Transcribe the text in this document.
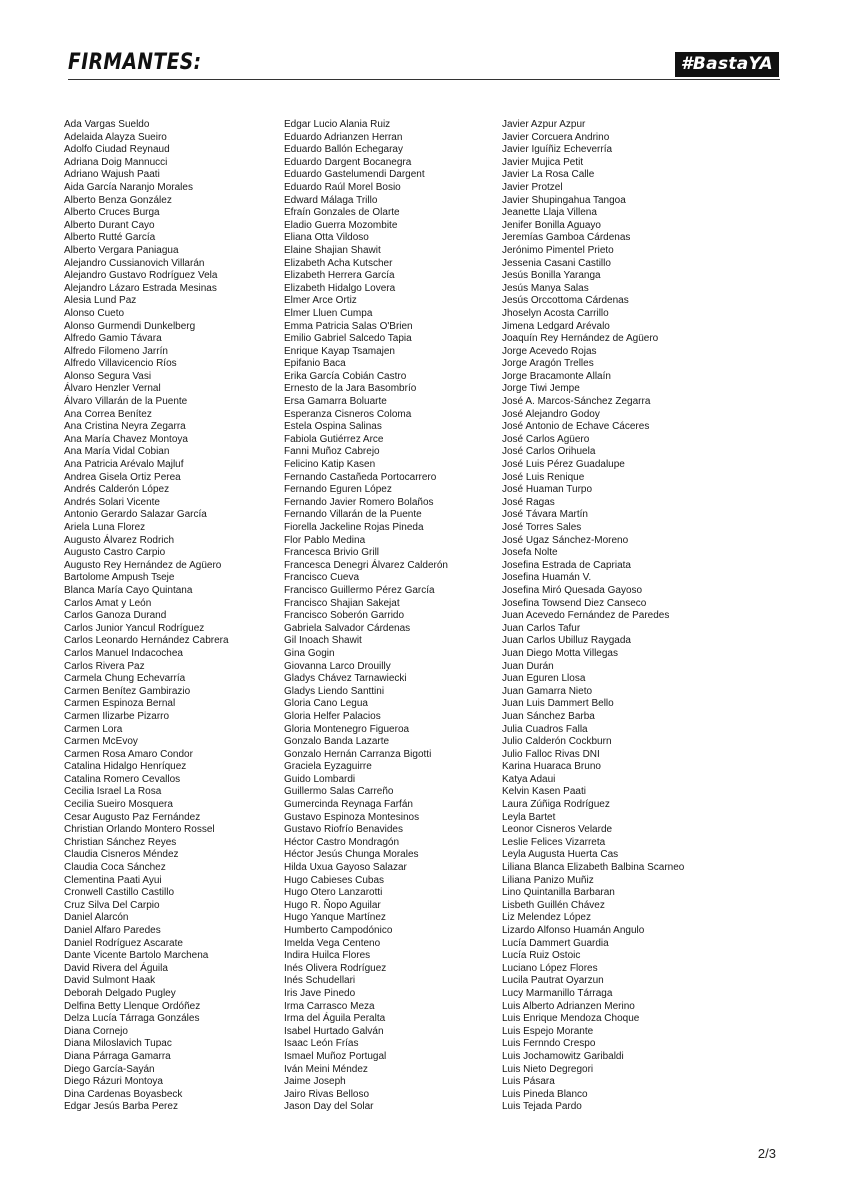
FIRMANTES:	#BastaYA
Ada Vargas Sueldo
Adelaida Alayza Sueiro
Adolfo Ciudad Reynaud
Adriana Doig Mannucci
Adriano Wajush Paati
Aida García Naranjo Morales
Alberto Benza González
Alberto Cruces Burga
Alberto Durant Cayo
Alberto Rutté García
Alberto Vergara Paniagua
Alejandro Cussianovich Villarán
Alejandro Gustavo Rodríguez Vela
Alejandro Lázaro Estrada Mesinas
Alesia Lund Paz
Alonso Cueto
Alonso Gurmendi Dunkelberg
Alfredo Gamio Távara
Alfredo Filomeno Jarrín
Alfredo Villavicencio Ríos
Alonso Segura Vasi
Álvaro Henzler Vernal
Álvaro Villarán de la Puente
Ana Correa Benítez
Ana Cristina Neyra Zegarra
Ana María Chavez Montoya
Ana María Vidal Cobian
Ana Patricia Arévalo Majluf
Andrea Gisela Ortiz Perea
Andrés Calderón López
Andrés Solari Vicente
Antonio Gerardo Salazar García
Ariela Luna Florez
Augusto Álvarez Rodrich
Augusto Castro Carpio
Augusto Rey Hernández de Agüero
Bartolome Ampush Tseje
Blanca María Cayo Quintana
Carlos Amat y León
Carlos Ganoza Durand
Carlos Junior Yancul Rodríguez
Carlos Leonardo Hernández Cabrera
Carlos Manuel Indacochea
Carlos Rivera Paz
Carmela Chung Echevarría
Carmen Benítez Gambirazio
Carmen Espinoza Bernal
Carmen Ilizarbe Pizarro
Carmen Lora
Carmen McEvoy
Carmen Rosa Amaro Condor
Catalina Hidalgo Henríquez
Catalina Romero Cevallos
Cecilia Israel La Rosa
Cecilia Sueiro Mosquera
Cesar Augusto Paz Fernández
Christian Orlando Montero Rossel
Christian Sánchez Reyes
Claudia Cisneros Méndez
Claudia Coca Sánchez
Clementina Paati Ayui
Cronwell Castillo Castillo
Cruz Silva Del Carpio
Daniel Alarcón
Daniel Alfaro Paredes
Daniel Rodríguez Ascarate
Dante Vicente Bartolo Marchena
David Rivera del Águila
David Sulmont Haak
Deborah Delgado Pugley
Delfina Betty Llenque Ordóñez
Delza Lucía Tárraga Gonzáles
Diana Cornejo
Diana Miloslavich Tupac
Diana Párraga Gamarra
Diego García-Sayán
Diego Rázuri Montoya
Dina Cardenas Boyasbeck
Edgar Jesús Barba Perez
Edgar Lucio Alania Ruiz
Eduardo Adrianzen Herran
Eduardo Ballón Echegaray
Eduardo Dargent Bocanegra
Eduardo Gastelumendi Dargent
Eduardo Raúl Morel Bosio
Edward Málaga Trillo
Efraín Gonzales de Olarte
Eladio Guerra Mozombite
Eliana Otta Vildoso
Elaine Shajian Shawit
Elizabeth Acha Kutscher
Elizabeth Herrera García
Elizabeth Hidalgo Lovera
Elmer Arce Ortiz
Elmer Lluen Cumpa
Emma Patricia Salas O'Brien
Emilio Gabriel Salcedo Tapia
Enrique Kayap Tsamajen
Epifanio Baca
Erika García Cobián Castro
Ernesto de la Jara Basombrío
Ersa Gamarra Boluarte
Esperanza Cisneros Coloma
Estela Ospina Salinas
Fabiola Gutiérrez Arce
Fanni Muñoz Cabrejo
Felicino Katip Kasen
Fernando Castañeda Portocarrero
Fernando Eguren López
Fernando Javier Romero Bolaños
Fernando Villarán de la Puente
Fiorella Jackeline Rojas Pineda
Flor Pablo Medina
Francesca Brivio Grill
Francesca Denegri Álvarez Calderón
Francisco Cueva
Francisco Guillermo Pérez García
Francisco Shajian Sakejat
Francisco Soberón Garrido
Gabriela Salvador Cárdenas
Gil Inoach Shawit
Gina Gogin
Giovanna Larco Drouilly
Gladys Chávez Tarnawiecki
Gladys Liendo Santtini
Gloria Cano Legua
Gloria Helfer Palacios
Gloria Montenegro Figueroa
Gonzalo Banda Lazarte
Gonzalo Hernán Carranza Bigotti
Graciela Eyzaguirre
Guido Lombardi
Guillermo Salas Carreño
Gumercinda Reynaga Farfán
Gustavo Espinoza Montesinos
Gustavo Riofrío Benavides
Héctor Castro Mondragón
Héctor Jesús Chunga Morales
Hilda Uxua Gayoso Salazar
Hugo Cabieses Cubas
Hugo Otero Lanzarotti
Hugo R. Ñopo Aguilar
Hugo Yanque Martínez
Humberto Campodónico
Imelda Vega Centeno
Indira Huilca Flores
Inés Olivera Rodríguez
Inés Schudellari
Iris Jave Pinedo
Irma Carrasco Meza
Irma del Águila Peralta
Isabel Hurtado Galván
Isaac León Frías
Ismael Muñoz Portugal
Iván Meini Méndez
Jaime Joseph
Jairo Rivas Belloso
Jason Day del Solar
Javier Azpur Azpur
Javier Corcuera Andrino
Javier Iguíñiz Echeverría
Javier Mujica Petit
Javier La Rosa Calle
Javier Protzel
Javier Shupingahua Tangoa
Jeanette Llaja Villena
Jenifer Bonilla Aguayo
Jeremías Gamboa Cárdenas
Jerónimo Pimentel Prieto
Jessenia Casani Castillo
Jesús Bonilla Yaranga
Jesús Manya Salas
Jesús Orccottoma Cárdenas
Jhoselyn Acosta Carrillo
Jimena Ledgard Arévalo
Joaquín Rey Hernández de Agüero
Jorge Acevedo Rojas
Jorge Aragón Trelles
Jorge Bracamonte Allaín
Jorge Tiwi Jempe
José A. Marcos-Sánchez Zegarra
José Alejandro Godoy
José Antonio de Echave Cáceres
José Carlos Agüero
José Carlos Orihuela
José Luis Pérez Guadalupe
José Luis Renique
José Huaman Turpo
José Ragas
José Távara Martín
José Torres Sales
José Ugaz Sánchez-Moreno
Josefa Nolte
Josefina Estrada de Capriata
Josefina Huamán V.
Josefina Miró Quesada Gayoso
Josefina Towsend Diez Canseco
Juan Acevedo Fernández de Paredes
Juan Carlos Tafur
Juan Carlos Ubilluz Raygada
Juan Diego Motta Villegas
Juan Durán
Juan Eguren Llosa
Juan Gamarra Nieto
Juan Luis Dammert Bello
Juan Sánchez Barba
Julia Cuadros Falla
Julio Calderón Cockburn
Julio Falloc Rivas DNI
Karina Huaraca Bruno
Katya Adaui
Kelvin Kasen Paati
Laura Zúñiga Rodríguez
Leyla Bartet
Leonor Cisneros Velarde
Leslie Felices Vizarreta
Leyla Augusta Huerta Cas
Liliana Blanca Elizabeth Balbina Scarneo
Liliana Panizo Muñiz
Lino Quintanilla Barbaran
Lisbeth Guillén Chávez
Liz Melendez López
Lizardo Alfonso Huamán Angulo
Lucía Dammert Guardia
Lucía Ruiz Ostoic
Luciano López Flores
Lucila Pautrat Oyarzun
Lucy Marmanillo Tárraga
Luis Alberto Adrianzen Merino
Luis Enrique Mendoza Choque
Luis Espejo Morante
Luis Fernndo Crespo
Luis Jochamowitz Garibaldi
Luis Nieto Degregori
Luis Pásara
Luis Pineda Blanco
Luis Tejada Pardo
2/3
